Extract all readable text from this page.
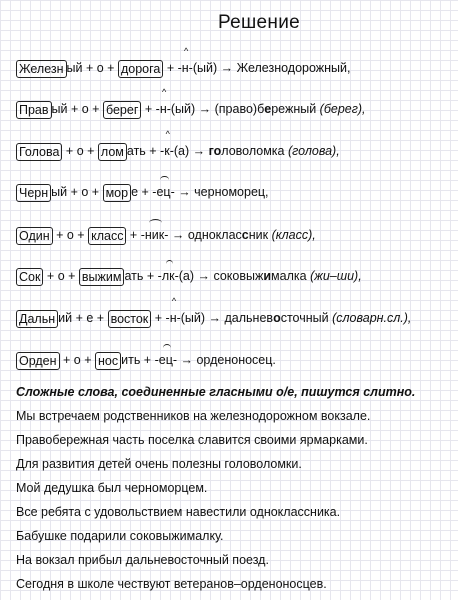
Решение
Железн ый + о + дорога + -
^
н-(ый) → Железнодорожный,
Прав ый + о + берег + -
^
н-(ый) → (право)бережный (берег),
Голова + о + лом ать + -
^
к-(а) → головоломка (голова),
Черн ый + о + мор е + -
ец- → черноморец,
Один + о + класс + -
ник- → одноклассник (класс),
Сок + о + выжим ать + -
лк-(а) → соковыжималка (жи–ши),
Дальн ий + е + восток + -
^
н-(ый) → дальневосточный (словарн.сл.),
Орден + о + нос ить + -
ец- → орденоносец.
Сложные слова, соединенные гласными о/е, пишутся слитно.
Мы встречаем родственников на железнодорожном вокзале.
Правобережная часть поселка славится своими ярмарками.
Для развития детей очень полезны головоломки.
Мой дедушка был черноморцем.
Все ребята с удовольствием навестили одноклассника.
Бабушке подарили соковыжималку.
На вокзал прибыл дальневосточный поезд.
Сегодня в школе чествуют ветеранов–орденоносцев.
